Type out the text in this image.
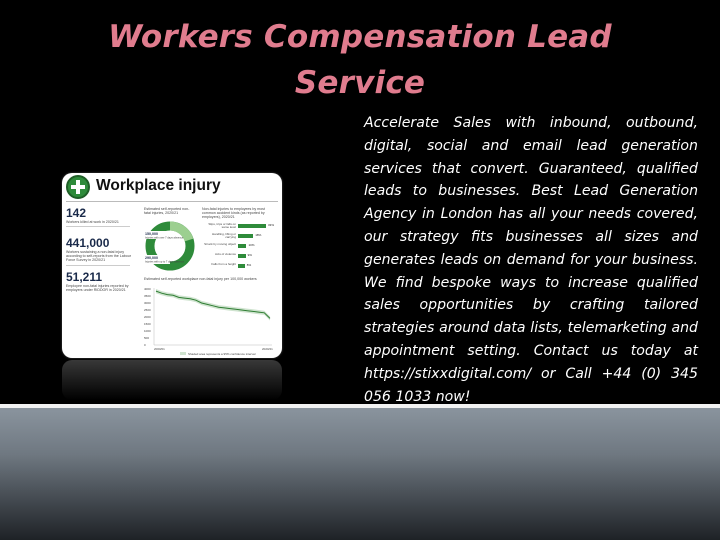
Workers Compensation Lead
Service
Accelerate Sales with inbound, outbound, digital, social and email lead generation services that convert. Guaranteed, qualified leads to businesses. Best Lead Generation Agency in London has all your needs covered, our strategy fits businesses all sizes and generates leads on demand for your business. We find bespoke ways to increase qualified sales opportunities by crafting tailored strategies around data lists, telemarketing and appointment setting. Contact us today at https://stixxdigital.com/ or Call +44 (0) 345 056 1033 now!
Workplace injury
142
Workers killed at work in 2020/21
441,000
Workers sustaining a non-fatal injury according to self-reports from the Labour Force Survey in 2020/21
51,211
Employee non-fatal injuries reported by employers under RIDDOR in 2020/21
Estimated self-reported non-fatal injuries, 2020/21
Non-fatal injuries to employees by most common accident kinds (as reported by employers), 2020/21
Estimated self-reported workplace non-fatal injury per 100,000 workers
150,000
Injuries with over 7 days absence
290,000
Injuries with up to 7 days absence
4000
3500
3000
2500
2000
1500
1000
500
0
2000/01	2020/21
Shaded area represents a 95% confidence interval
Slips, trips or falls on same level
33%
Handling, lifting or carrying
18%
Struck by moving object	10%
Acts of violence	9%
Falls from a height	8%
